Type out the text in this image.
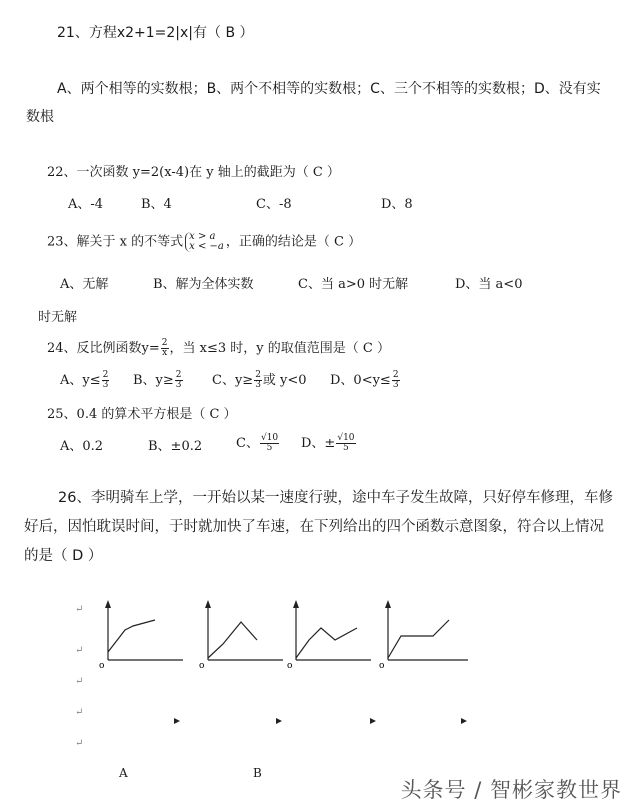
21、方程x2+1=2|x|有（ B ）
A、两个相等的实数根；B、两个不相等的实数根；C、三个不相等的实数根；D、没有实
数根
22、一次函数 y=2(x-4)在 y 轴上的截距为（ C ）
A、-4	B、4	C、-8	D、8
23、解关于 x 的不等式 x > a
x < −a ，正确的结论是（ C ）
A、无解	B、解为全体实数	C、当 a>0 时无解	D、当 a<0
时无解
24、反比例函数$y= \frac{2}{x}$ ，当 x≤3 时，y 的取值范围是（ C ）
A、$y\le \frac{2}{3}$ B、$y\ge \frac{2}{3}$ C、$y\ge \frac{2}{3}$ 或 y<0 D、$0<y\le \frac{2}{3}$
25、0.4 的算术平方根是（ C ）
A、0.2	B、±0.2	C、 $\frac{√10}{5}$ D、± $\frac{√10}{5}$
26、李明骑车上学，一开始以某一速度行驶，途中车子发生故障，只好停车修理，车修
好后，因怕耽误时间，于时就加快了车速，在下列给出的四个函数示意图象，符合以上情况
的是（ D ）
↵
↵
↵
↵
↵
o	o	o	o
A	B
头条号 / 智彬家教世界
